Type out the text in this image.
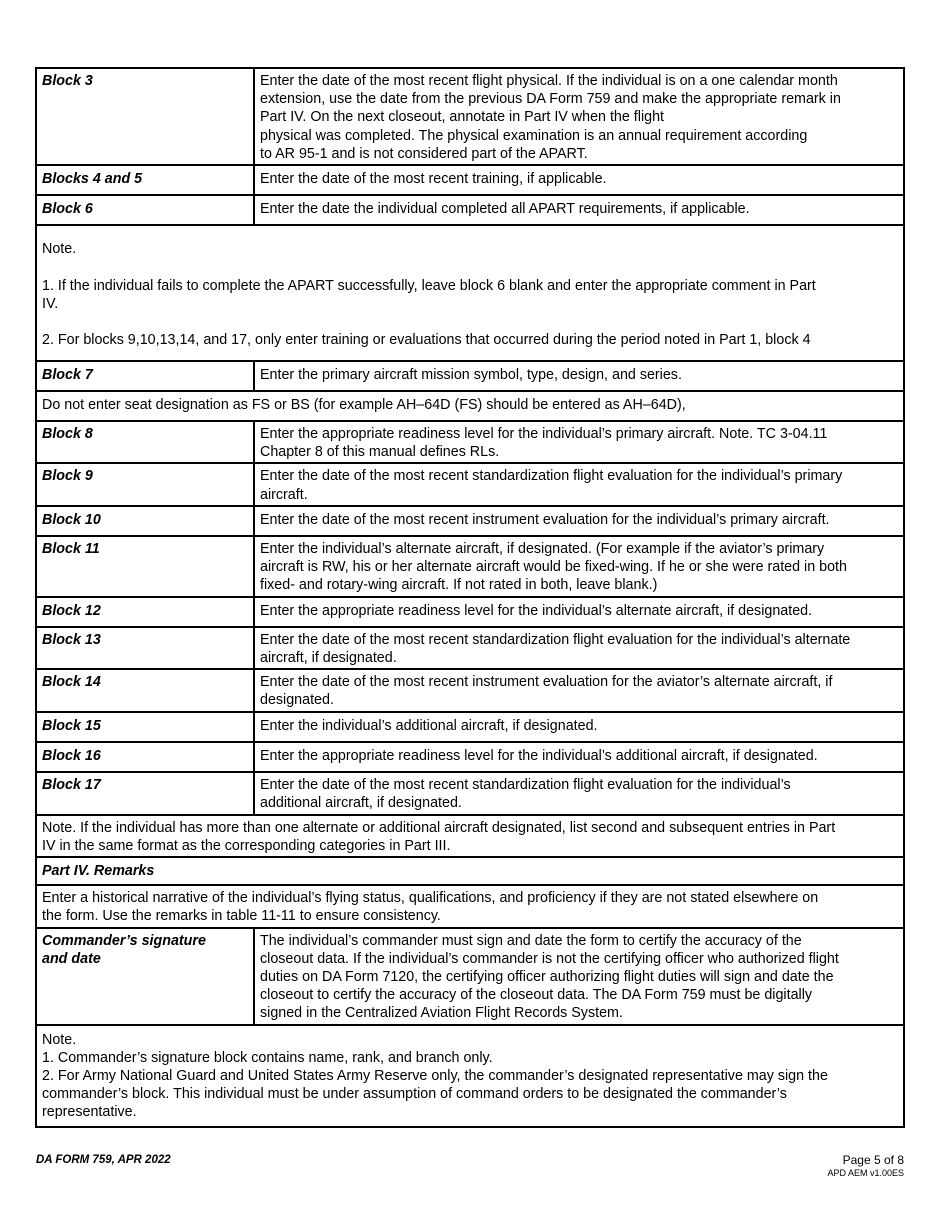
Block 3	Enter the date of the most recent flight physical. If the individual is on a one calendar month
extension, use the date from the previous DA Form 759 and make the appropriate remark in
Part IV. On the next closeout, annotate in Part IV when the flight
physical was completed. The physical examination is an annual requirement according
to AR 95-1 and is not considered part of the APART.
Blocks 4 and 5	Enter the date of the most recent training, if applicable.
Block 6	Enter the date the individual completed all APART requirements, if applicable.
Note.

1. If the individual fails to complete the APART successfully, leave block 6 blank and enter the appropriate comment in Part
IV.

2. For blocks 9,10,13,14, and 17, only enter training or evaluations that occurred during the period noted in Part 1, block 4	
Block 7	Enter the primary aircraft mission symbol, type, design, and series.
Do not enter seat designation as FS or BS (for example AH–64D (FS) should be entered as AH–64D),	
Block 8	Enter the appropriate readiness level for the individual’s primary aircraft. Note. TC 3-04.11
Chapter 8 of this manual defines RLs.
Block 9	Enter the date of the most recent standardization flight evaluation for the individual’s primary
aircraft.
Block 10	Enter the date of the most recent instrument evaluation for the individual’s primary aircraft.
Block 11	Enter the individual’s alternate aircraft, if designated. (For example if the aviator’s primary
aircraft is RW, his or her alternate aircraft would be fixed-wing. If he or she were rated in both
fixed- and rotary-wing aircraft. If not rated in both, leave blank.)
Block 12	Enter the appropriate readiness level for the individual’s alternate aircraft, if designated.
Block 13	Enter the date of the most recent standardization flight evaluation for the individual’s alternate
aircraft, if designated.
Block 14	Enter the date of the most recent instrument evaluation for the aviator’s alternate aircraft, if
designated.
Block 15	Enter the individual’s additional aircraft, if designated.
Block 16	Enter the appropriate readiness level for the individual’s additional aircraft, if designated.
Block 17	Enter the date of the most recent standardization flight evaluation for the individual’s
additional aircraft, if designated.
Note. If the individual has more than one alternate or additional aircraft designated, list second and subsequent entries in Part
IV in the same format as the corresponding categories in Part III.	
Part IV. Remarks	
Enter a historical narrative of the individual’s flying status, qualifications, and proficiency if they are not stated elsewhere on
the form. Use the remarks in table 11-11 to ensure consistency.	
Commander’s signature
and date	The individual’s commander must sign and date the form to certify the accuracy of the
closeout data. If the individual’s commander is not the certifying officer who authorized flight
duties on DA Form 7120, the certifying officer authorizing flight duties will sign and date the
closeout to certify the accuracy of the closeout data. The DA Form 759 must be digitally
signed in the Centralized Aviation Flight Records System.
Note.
1. Commander’s signature block contains name, rank, and branch only.
2. For Army National Guard and United States Army Reserve only, the commander’s designated representative may sign the
commander’s block. This individual must be under assumption of command orders to be designated the commander’s
representative.	
DA FORM 759, APR 2022	Page 5 of 8
APD AEM v1.00ES
